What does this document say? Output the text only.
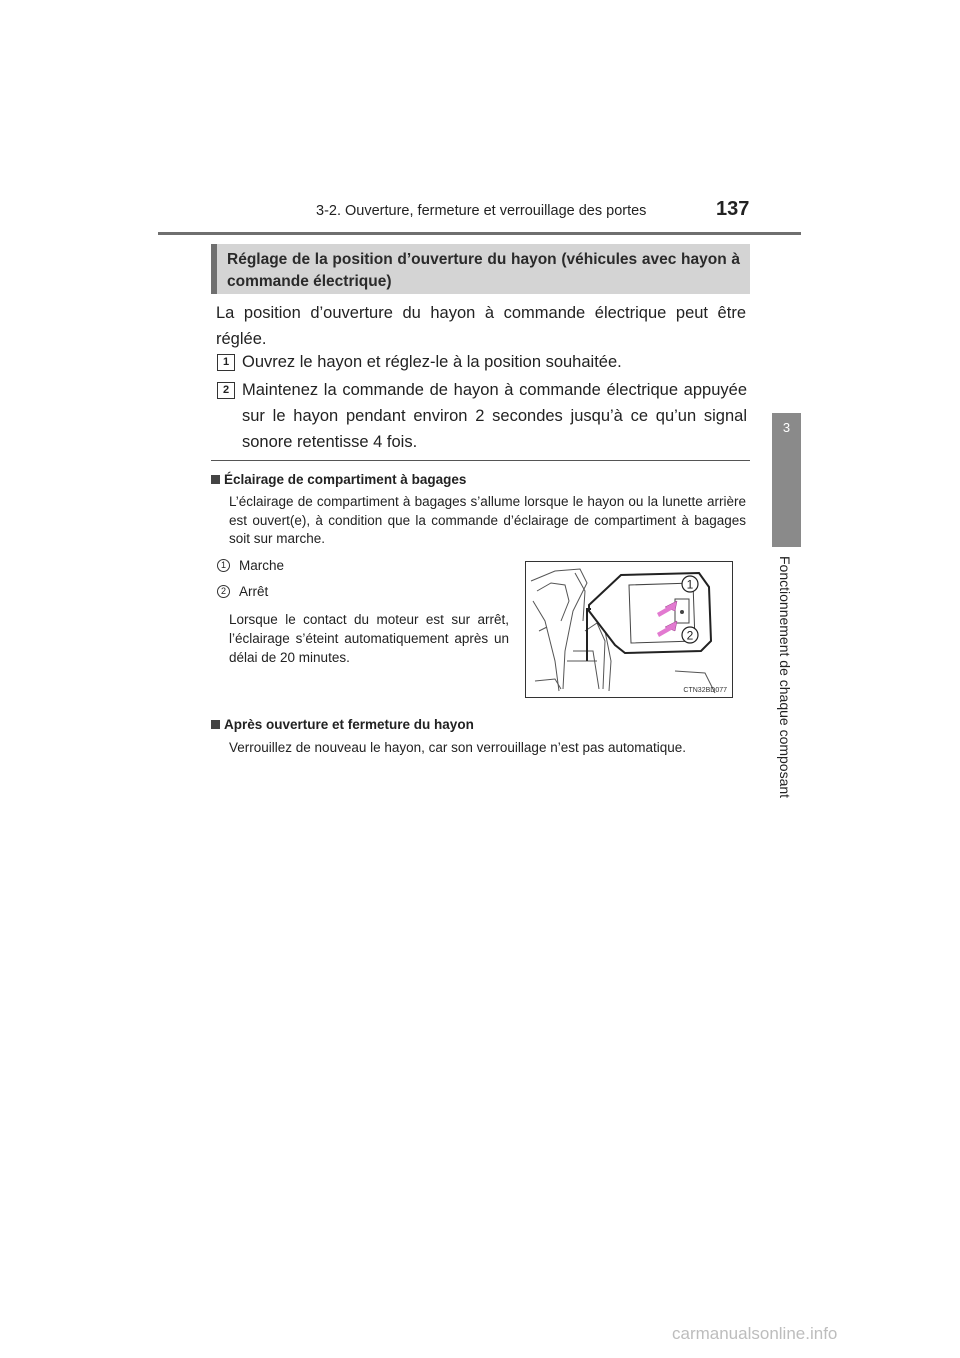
3-2. Ouverture, fermeture et verrouillage des portes	137
3
Fonctionnement de chaque composant

Réglage de la position d’ouverture du hayon (véhicules avec hayon à commande électrique)

La position d’ouverture du hayon à commande électrique peut être réglée.
1 Ouvrez le hayon et réglez-le à la position souhaitée.
2 Maintenez la commande de hayon à commande électrique appuyée sur le hayon pendant environ 2 secondes jusqu’à ce qu’un signal sonore retentisse 4 fois.
Éclairage de compartiment à bagages
L’éclairage de compartiment à bagages s’allume lorsque le hayon ou la lunette arrière est ouvert(e), à condition que la commande d’éclairage de compartiment à bagages soit sur marche.
1 Marche
2 Arrêt
Lorsque le contact du moteur est sur arrêt, l’éclairage s’éteint automatiquement après un délai de 20 minutes.
1
2
CTN32BD077
Après ouverture et fermeture du hayon
Verrouillez de nouveau le hayon, car son verrouillage n’est pas automatique.
carmanualsonline.info
